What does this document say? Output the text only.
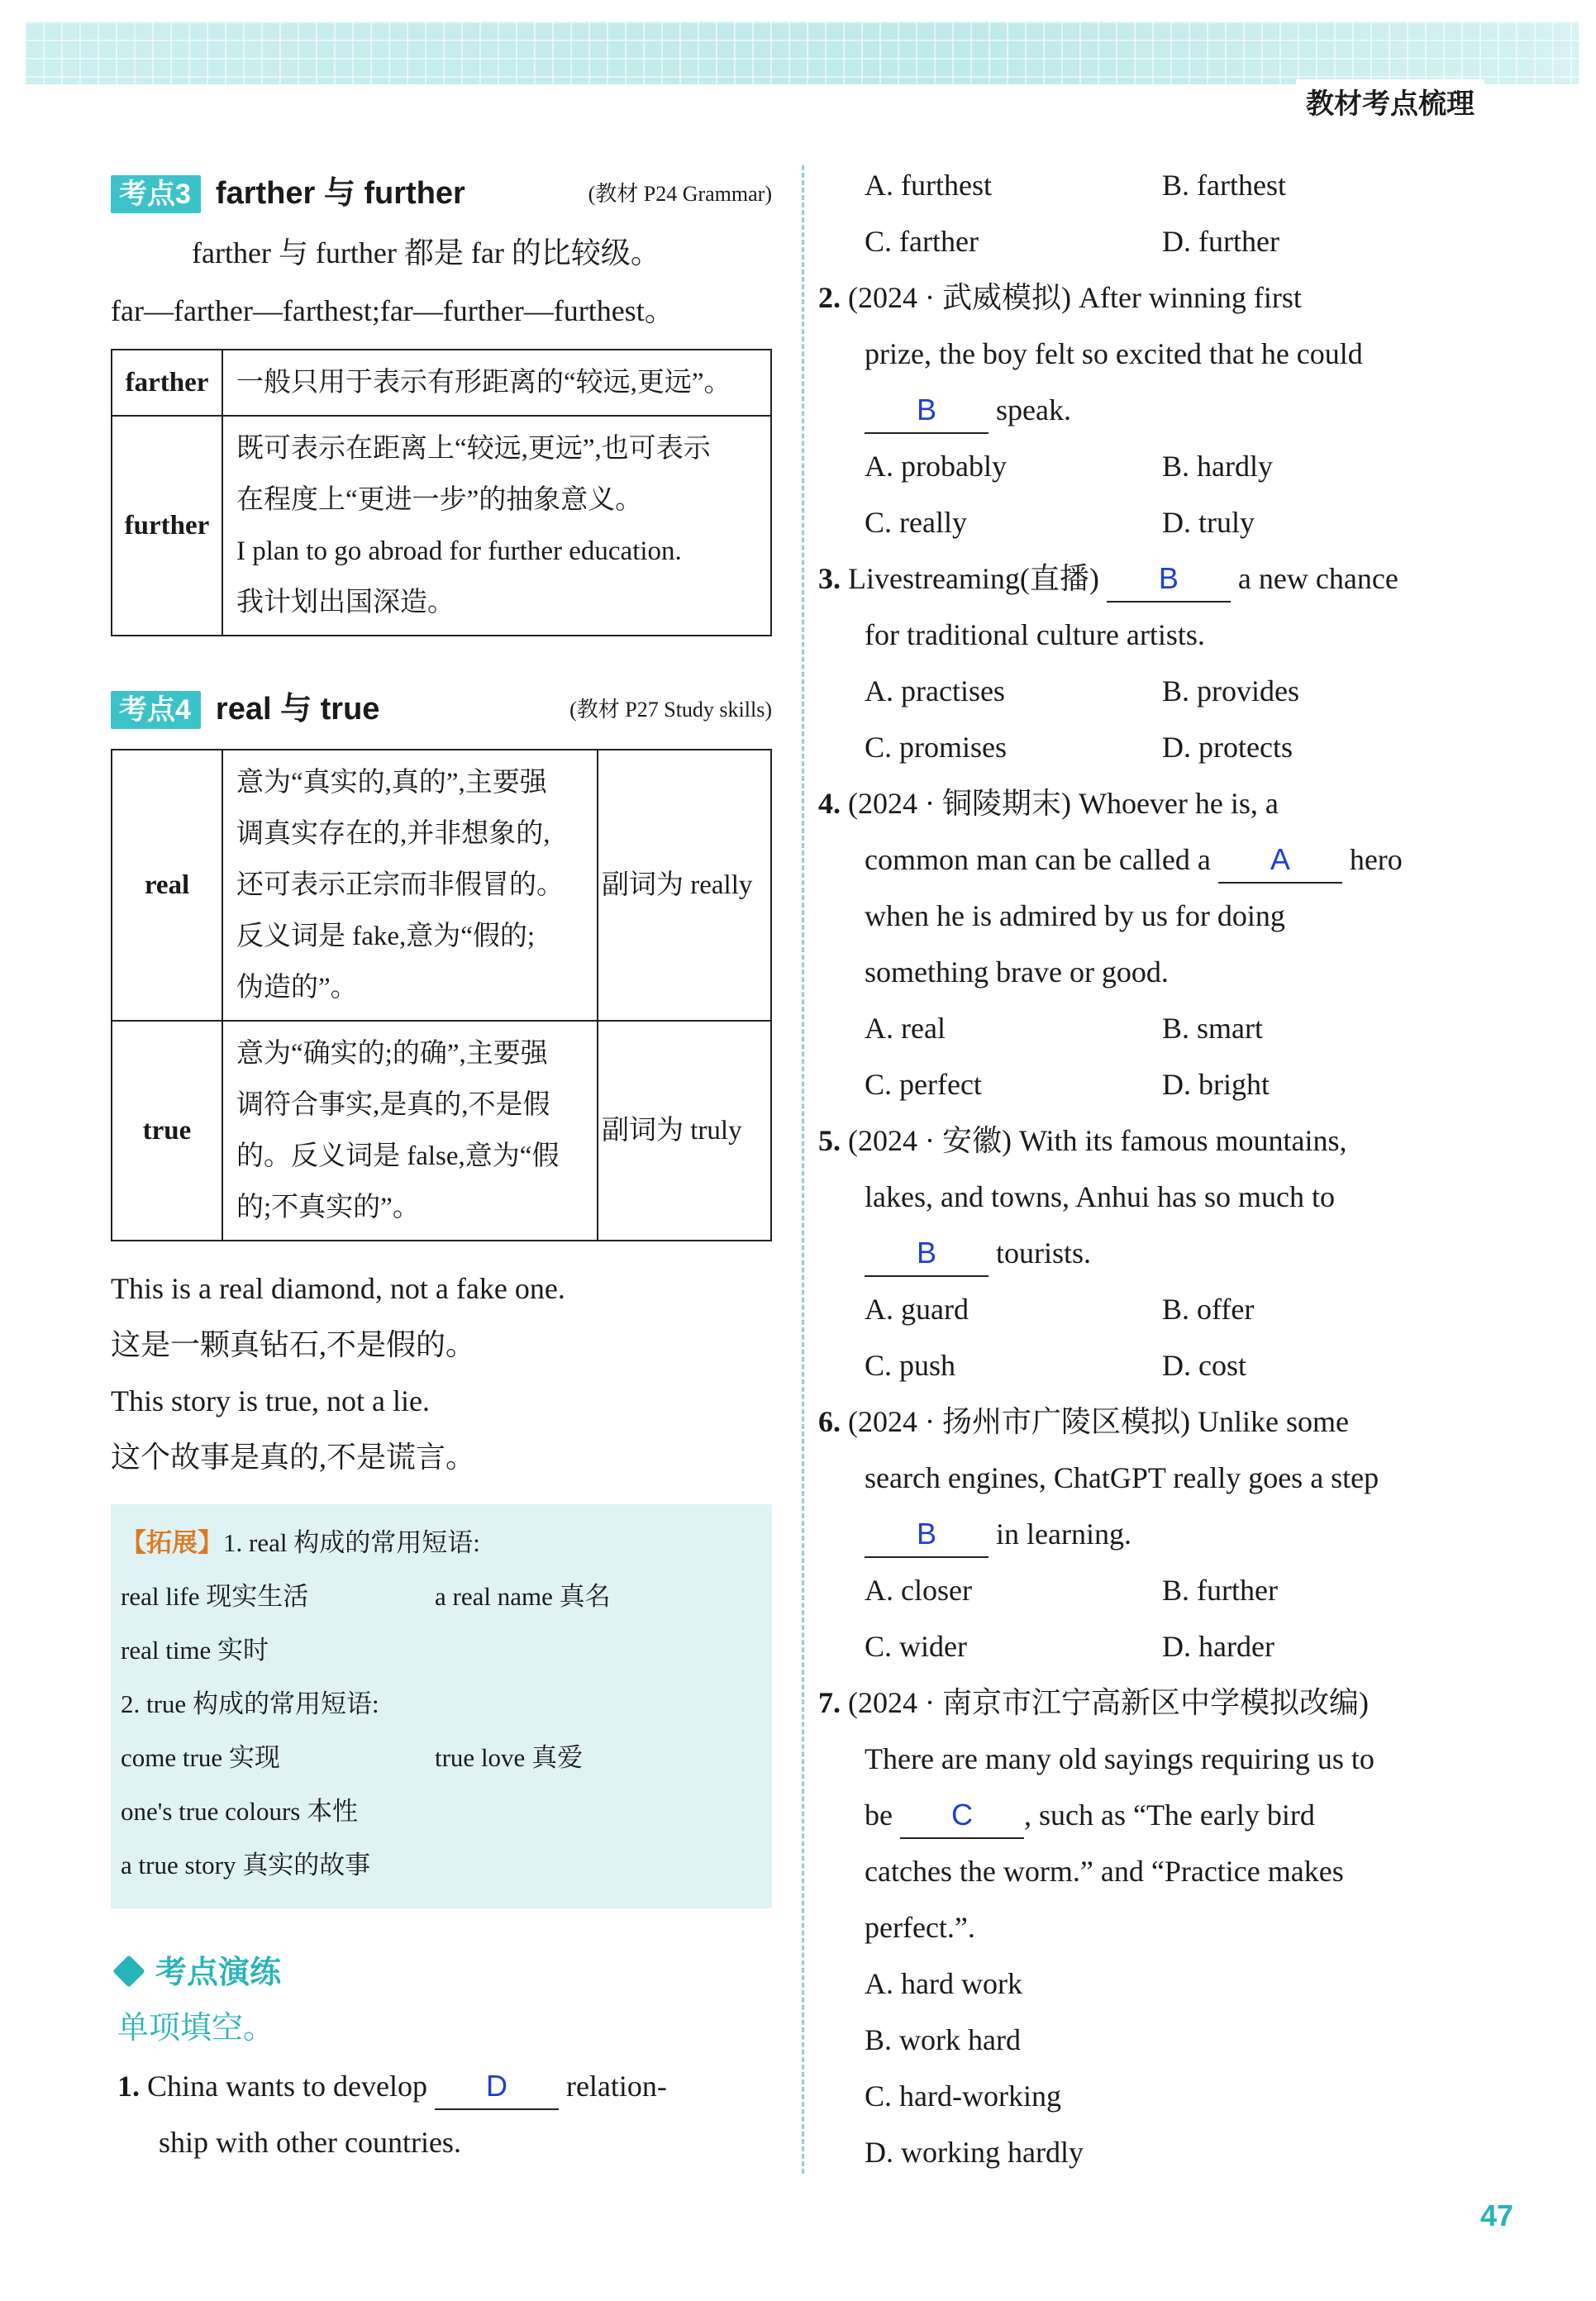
教材考点梳理
考点3 farther 与 further	(教材 P24 Grammar)
farther 与 further 都是 far 的比较级。
far—farther—farthest;far—further—furthest。
farther	一般只用于表示有形距离的“较远,更远”。

further	既可表示在距离上“较远,更远”,也可表示
在程度上“更进一步”的抽象意义。
I plan to go abroad for further education.
我计划出国深造。
考点4 real 与 true	(教材 P27 Study skills)
real	意为“真实的,真的”,主要强
调真实存在的,并非想象的,
还可表示正宗而非假冒的。
反义词是 fake,意为“假的;
伪造的”。	副词为 really
true	意为“确实的;的确”,主要强
调符合事实,是真的,不是假
的。反义词是 false,意为“假
的;不真实的”。	副词为 truly
This is a real diamond, not a fake one.
这是一颗真钻石,不是假的。
This story is true, not a lie.
这个故事是真的,不是谎言。
【拓展】1. real 构成的常用短语:
real life 现实生活	a real name 真名
real time 实时
2. true 构成的常用短语:
come true 实现	true love 真爱
one's true colours 本性
a true story 真实的故事
考点演练
单项填空。
1. China wants to develop D relation-
ship with other countries.
A. furthest	B. farthest
C. farther	D. further
2. (2024 · 武威模拟) After winning first
prize, the boy felt so excited that he could
B speak.
A. probably	B. hardly
C. really	D. truly
3. Livestreaming(直播) B a new chance
for traditional culture artists.
A. practises	B. provides
C. promises	D. protects
4. (2024 · 铜陵期末) Whoever he is, a
common man can be called a A hero
when he is admired by us for doing
something brave or good.
A. real	B. smart
C. perfect	D. bright
5. (2024 · 安徽) With its famous mountains,
lakes, and towns, Anhui has so much to
B tourists.
A. guard	B. offer
C. push	D. cost
6. (2024 · 扬州市广陵区模拟) Unlike some
search engines, ChatGPT really goes a step
B in learning.
A. closer	B. further
C. wider	D. harder
7. (2024 · 南京市江宁高新区中学模拟改编)
There are many old sayings requiring us to
be C , such as “The early bird
catches the worm.” and “Practice makes
perfect.”.
A. hard work
B. work hard
C. hard-working
D. working hardly
47
